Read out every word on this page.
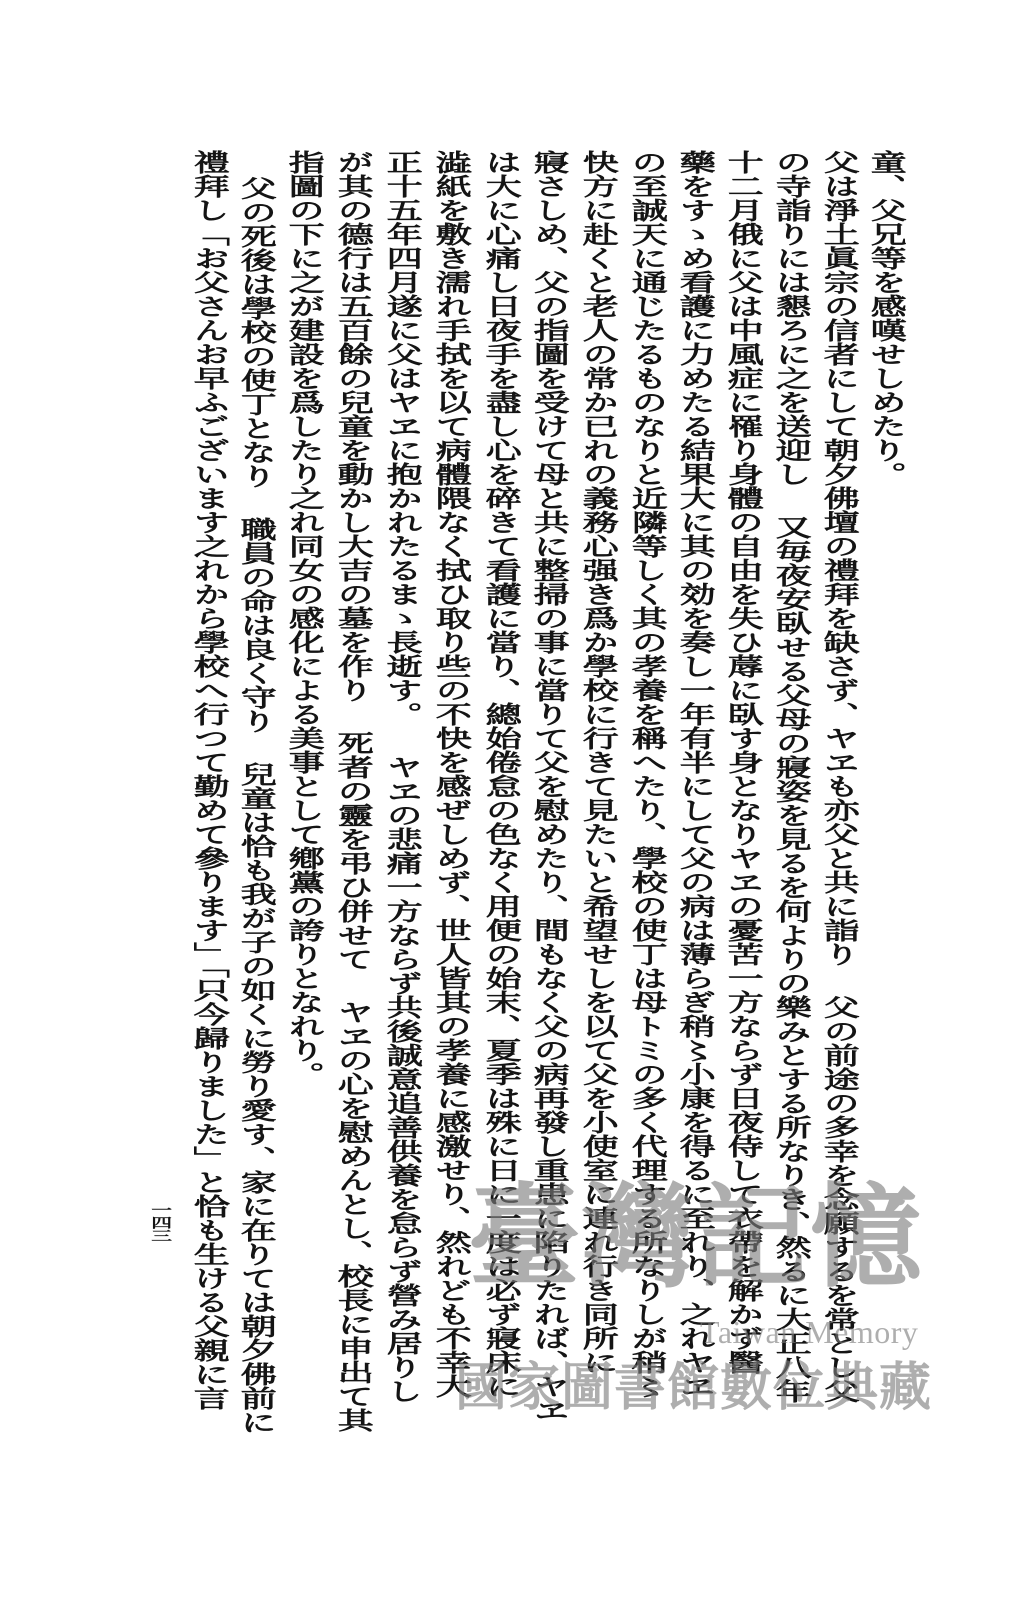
童、父兄等を感嘆せしめたり。
父は淨土眞宗の信者にして朝夕佛壇の禮拜を缺さず、ヤヱも亦父と共に詣り 父の前途の多幸を念願するを常とし父
の寺詣りには懇ろに之を送迎し 又毎夜安臥せる父母の寢姿を見るを何よりの樂みとする所なりき、然るに大正八年
十二月俄に父は中風症に罹り身體の自由を失ひ蓐に臥す身となりヤヱの憂苦一方ならず日夜侍して衣帶を解かず醫
藥をすゝめ看護に力めたる結果大に其の効を奏し一年有半にして父の病は薄らぎ稍〻小康を得るに至れり、之れヤヱ
の至誠天に通じたるものなりと近隣等しく其の孝養を稱へたり、學校の使丁は母トミの多く代理する所なりしが稍〻
快方に赴くと老人の常か已れの義務心强き爲か學校に行きて見たいと希望せしを以て父を小使室に連れ行き同所に
寢さしめ、父の指圖を受けて母と共に整掃の事に當りて父を慰めたり、間もなく父の病再發し重患に陷りたれば、ヤヱ
は大に心痛し日夜手を盡し心を碎きて看護に當り、總始倦怠の色なく用便の始末、夏季は殊に日に一度は必ず寢床に
澁紙を敷き濡れ手拭を以て病體隈なく拭ひ取り些の不快を感ぜしめず、世人皆其の孝養に感激せり、然れども不幸大
正十五年四月遂に父はヤヱに抱かれたるまゝ長逝す。 ヤヱの悲痛一方ならず共後誠意追善供養を怠らず營み居りし
が其の德行は五百餘の兒童を動かし大吉の墓を作り 死者の靈を弔ひ併せて ヤヱの心を慰めんとし、校長に申出て其
指圖の下に之が建設を爲したり之れ同女の感化による美事として鄕黨の誇りとなれり。
父の死後は學校の使丁となり 職員の命は良く守り 兒童は恰も我が子の如くに勞り愛す、家に在りては朝夕佛前に
禮拜し「お父さんお早ふございます之れから學校へ行つて勤めて參ります」「只今歸りました」と恰も生ける父親に言
一四三	臺灣記憶
Taiwan Memory
國家圖書館數位典藏
